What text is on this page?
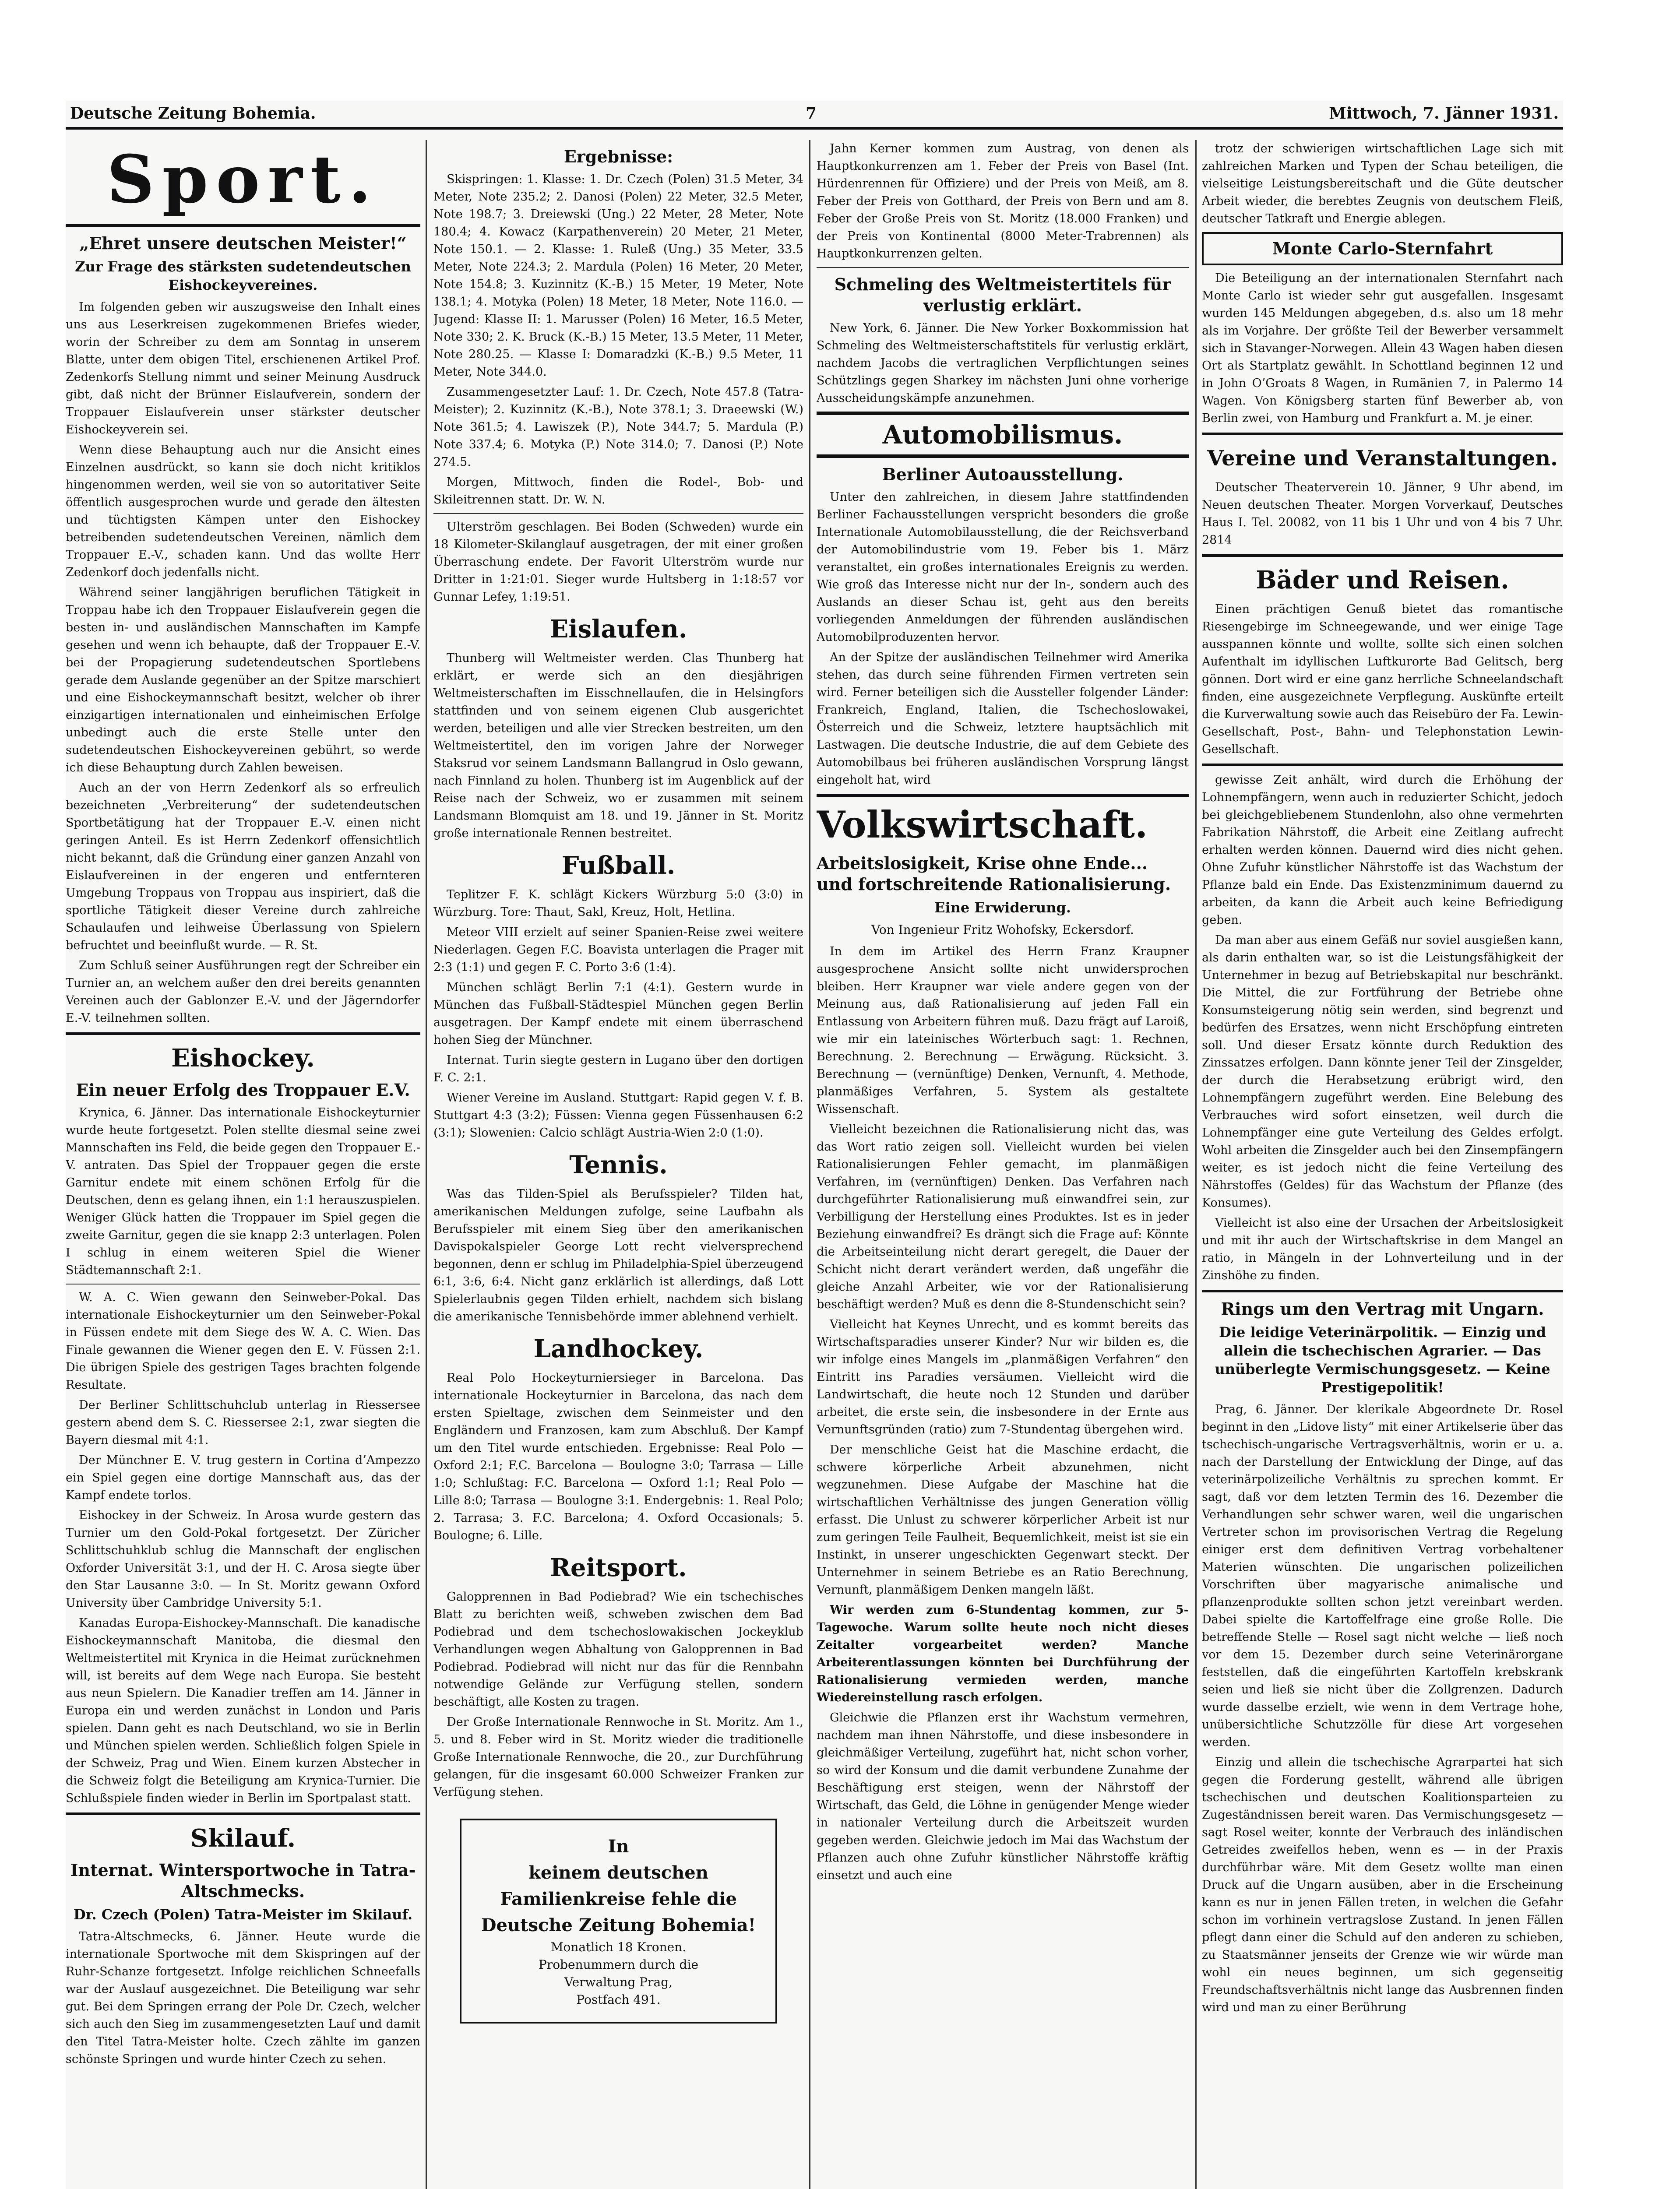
Deutsche Zeitung Bohemia.	7	Mittwoch, 7. Jänner 1931.
Sport.
„Ehret unsere deutschen Meister!“
Zur Frage des stärksten sudetendeutschen Eishockeyvereines.

Im folgenden geben wir auszugsweise den Inhalt eines uns aus Leserkreisen zugekommenen Briefes wieder, worin der Schreiber zu dem am Sonntag in unserem Blatte, unter dem obigen Titel, erschienenen Artikel Prof. Zedenkorfs Stellung nimmt und seiner Meinung Ausdruck gibt, daß nicht der Brünner Eislaufverein, sondern der Troppauer Eislaufverein unser stärkster deutscher Eishockeyverein sei.

Wenn diese Behauptung auch nur die Ansicht eines Einzelnen ausdrückt, so kann sie doch nicht kritiklos hingenommen werden, weil sie von so autoritativer Seite öffentlich ausgesprochen wurde und gerade den ältesten und tüchtigsten Kämpen unter den Eishockey betreibenden sudetendeutschen Vereinen, nämlich dem Troppauer E.-V., schaden kann. Und das wollte Herr Zedenkorf doch jedenfalls nicht.

Während seiner langjährigen beruflichen Tätigkeit in Troppau habe ich den Troppauer Eislaufverein gegen die besten in- und ausländischen Mannschaften im Kampfe gesehen und wenn ich behaupte, daß der Troppauer E.-V. bei der Propagierung sudetendeutschen Sportlebens gerade dem Auslande gegenüber an der Spitze marschiert und eine Eishockeymannschaft besitzt, welcher ob ihrer einzigartigen internationalen und einheimischen Erfolge unbedingt auch die erste Stelle unter den sudetendeutschen Eishockeyvereinen gebührt, so werde ich diese Behauptung durch Zahlen beweisen.

Auch an der von Herrn Zedenkorf als so erfreulich bezeichneten „Verbreiterung“ der sudetendeutschen Sportbetätigung hat der Troppauer E.-V. einen nicht geringen Anteil. Es ist Herrn Zedenkorf offensichtlich nicht bekannt, daß die Gründung einer ganzen Anzahl von Eislaufvereinen in der engeren und entfernteren Umgebung Troppaus von Troppau aus inspiriert, daß die sportliche Tätigkeit dieser Vereine durch zahlreiche Schaulaufen und leihweise Überlassung von Spielern befruchtet und beeinflußt wurde. — R. St.

Zum Schluß seiner Ausführungen regt der Schreiber ein Turnier an, an welchem außer den drei bereits genannten Vereinen auch der Gablonzer E.-V. und der Jägerndorfer E.-V. teilnehmen sollten.

Eishockey.
Ein neuer Erfolg des Troppauer E.V.

Krynica, 6. Jänner. Das internationale Eishockeyturnier wurde heute fortgesetzt. Polen stellte diesmal seine zwei Mannschaften ins Feld, die beide gegen den Troppauer E.-V. antraten. Das Spiel der Troppauer gegen die erste Garnitur endete mit einem schönen Erfolg für die Deutschen, denn es gelang ihnen, ein 1:1 herauszuspielen. Weniger Glück hatten die Troppauer im Spiel gegen die zweite Garnitur, gegen die sie knapp 2:3 unterlagen. Polen I schlug in einem weiteren Spiel die Wiener Städtemannschaft 2:1.

W. A. C. Wien gewann den Seinweber-Pokal. Das internationale Eishockeyturnier um den Seinweber-Pokal in Füssen endete mit dem Siege des W. A. C. Wien. Das Finale gewannen die Wiener gegen den E. V. Füssen 2:1. Die übrigen Spiele des gestrigen Tages brachten folgende Resultate.

Der Berliner Schlittschuhclub unterlag in Riessersee gestern abend dem S. C. Riessersee 2:1, zwar siegten die Bayern diesmal mit 4:1.

Der Münchner E. V. trug gestern in Cortina d’Ampezzo ein Spiel gegen eine dortige Mannschaft aus, das der Kampf endete torlos.

Eishockey in der Schweiz. In Arosa wurde gestern das Turnier um den Gold-Pokal fortgesetzt. Der Züricher Schlittschuhklub schlug die Mannschaft der englischen Oxforder Universität 3:1, und der H. C. Arosa siegte über den Star Lausanne 3:0. — In St. Moritz gewann Oxford University über Cambridge University 5:1.

Kanadas Europa-Eishockey-Mannschaft. Die kanadische Eishockeymannschaft Manitoba, die diesmal den Weltmeistertitel mit Krynica in die Heimat zurücknehmen will, ist bereits auf dem Wege nach Europa. Sie besteht aus neun Spielern. Die Kanadier treffen am 14. Jänner in Europa ein und werden zunächst in London und Paris spielen. Dann geht es nach Deutschland, wo sie in Berlin und München spielen werden. Schließlich folgen Spiele in der Schweiz, Prag und Wien. Einem kurzen Abstecher in die Schweiz folgt die Beteiligung am Krynica-Turnier. Die Schlußspiele finden wieder in Berlin im Sportpalast statt.

Skilauf.
Internat. Wintersportwoche in Tatra-Altschmecks.
Dr. Czech (Polen) Tatra-Meister im Skilauf.

Tatra-Altschmecks, 6. Jänner. Heute wurde die internationale Sportwoche mit dem Skispringen auf der Ruhr-Schanze fortgesetzt. Infolge reichlichen Schneefalls war der Auslauf ausgezeichnet. Die Beteiligung war sehr gut. Bei dem Springen errang der Pole Dr. Czech, welcher sich auch den Sieg im zusammengesetzten Lauf und damit den Titel Tatra-Meister holte. Czech zählte im ganzen schönste Springen und wurde hinter Czech zu sehen.

Ergebnisse:

Skispringen: 1. Klasse: 1. Dr. Czech (Polen) 31.5 Meter, 34 Meter, Note 235.2; 2. Danosi (Polen) 22 Meter, 32.5 Meter, Note 198.7; 3. Dreiewski (Ung.) 22 Meter, 28 Meter, Note 180.4; 4. Kowacz (Karpathenverein) 20 Meter, 21 Meter, Note 150.1. — 2. Klasse: 1. Ruleß (Ung.) 35 Meter, 33.5 Meter, Note 224.3; 2. Mardula (Polen) 16 Meter, 20 Meter, Note 154.8; 3. Kuzinnitz (K.-B.) 15 Meter, 19 Meter, Note 138.1; 4. Motyka (Polen) 18 Meter, 18 Meter, Note 116.0. — Jugend: Klasse II: 1. Marusser (Polen) 16 Meter, 16.5 Meter, Note 330; 2. K. Bruck (K.-B.) 15 Meter, 13.5 Meter, 11 Meter, Note 280.25. — Klasse I: Domaradzki (K.-B.) 9.5 Meter, 11 Meter, Note 344.0.

Zusammengesetzter Lauf: 1. Dr. Czech, Note 457.8 (Tatra-Meister); 2. Kuzinnitz (K.-B.), Note 378.1; 3. Draeewski (W.) Note 361.5; 4. Lawiszek (P.), Note 344.7; 5. Mardula (P.) Note 337.4; 6. Motyka (P.) Note 314.0; 7. Danosi (P.) Note 274.5.

Morgen, Mittwoch, finden die Rodel-, Bob- und Skileitrennen statt. Dr. W. N.

Ulterström geschlagen. Bei Boden (Schweden) wurde ein 18 Kilometer-Skilanglauf ausgetragen, der mit einer großen Überraschung endete. Der Favorit Ulterström wurde nur Dritter in 1:21:01. Sieger wurde Hultsberg in 1:18:57 vor Gunnar Lefey, 1:19:51.

Eislaufen.

Thunberg will Weltmeister werden. Clas Thunberg hat erklärt, er werde sich an den diesjährigen Weltmeisterschaften im Eisschnellaufen, die in Helsingfors stattfinden und von seinem eigenen Club ausgerichtet werden, beteiligen und alle vier Strecken bestreiten, um den Weltmeistertitel, den im vorigen Jahre der Norweger Staksrud vor seinem Landsmann Ballangrud in Oslo gewann, nach Finnland zu holen. Thunberg ist im Augenblick auf der Reise nach der Schweiz, wo er zusammen mit seinem Landsmann Blomquist am 18. und 19. Jänner in St. Moritz große internationale Rennen bestreitet.

Fußball.

Teplitzer F. K. schlägt Kickers Würzburg 5:0 (3:0) in Würzburg. Tore: Thaut, Sakl, Kreuz, Holt, Hetlina.

Meteor VIII erzielt auf seiner Spanien-Reise zwei weitere Niederlagen. Gegen F.C. Boavista unterlagen die Prager mit 2:3 (1:1) und gegen F. C. Porto 3:6 (1:4).

München schlägt Berlin 7:1 (4:1). Gestern wurde in München das Fußball-Städtespiel München gegen Berlin ausgetragen. Der Kampf endete mit einem überraschend hohen Sieg der Münchner.

Internat. Turin siegte gestern in Lugano über den dortigen F. C. 2:1.

Wiener Vereine im Ausland. Stuttgart: Rapid gegen V. f. B. Stuttgart 4:3 (3:2); Füssen: Vienna gegen Füssenhausen 6:2 (3:1); Slowenien: Calcio schlägt Austria-Wien 2:0 (1:0).

Tennis.

Was das Tilden-Spiel als Berufsspieler? Tilden hat, amerikanischen Meldungen zufolge, seine Laufbahn als Berufsspieler mit einem Sieg über den amerikanischen Davispokalspieler George Lott recht vielversprechend begonnen, denn er schlug im Philadelphia-Spiel überzeugend 6:1, 3:6, 6:4. Nicht ganz erklärlich ist allerdings, daß Lott Spielerlaubnis gegen Tilden erhielt, nachdem sich bislang die amerikanische Tennisbehörde immer ablehnend verhielt.

Landhockey.

Real Polo Hockeyturniersieger in Barcelona. Das internationale Hockeyturnier in Barcelona, das nach dem ersten Spieltage, zwischen dem Seinmeister und den Engländern und Franzosen, kam zum Abschluß. Der Kampf um den Titel wurde entschieden. Ergebnisse: Real Polo — Oxford 2:1; F.C. Barcelona — Boulogne 3:0; Tarrasa — Lille 1:0; Schlußtag: F.C. Barcelona — Oxford 1:1; Real Polo — Lille 8:0; Tarrasa — Boulogne 3:1. Endergebnis: 1. Real Polo; 2. Tarrasa; 3. F.C. Barcelona; 4. Oxford Occasionals; 5. Boulogne; 6. Lille.

Reitsport.

Galopprennen in Bad Podiebrad? Wie ein tschechisches Blatt zu berichten weiß, schweben zwischen dem Bad Podiebrad und dem tschechoslowakischen Jockeyklub Verhandlungen wegen Abhaltung von Galopprennen in Bad Podiebrad. Podiebrad will nicht nur das für die Rennbahn notwendige Gelände zur Verfügung stellen, sondern beschäftigt, alle Kosten zu tragen.

Der Große Internationale Rennwoche in St. Moritz. Am 1., 5. und 8. Feber wird in St. Moritz wieder die traditionelle Große Internationale Rennwoche, die 20., zur Durchführung gelangen, für die insgesamt 60.000 Schweizer Franken zur Verfügung stehen.

In
keinem deutschen
Familienkreise fehle die
Deutsche Zeitung Bohemia!
Monatlich 18 Kronen.
Probenummern durch die
Verwaltung Prag,
Postfach 491.

Jahn Kerner kommen zum Austrag, von denen als Hauptkonkurrenzen am 1. Feber der Preis von Basel (Int. Hürdenrennen für Offiziere) und der Preis von Meiß, am 8. Feber der Preis von Gotthard, der Preis von Bern und am 8. Feber der Große Preis von St. Moritz (18.000 Franken) und der Preis von Kontinental (8000 Meter-Trabrennen) als Hauptkonkurrenzen gelten.

Schmeling des Weltmeistertitels für verlustig erklärt.

New York, 6. Jänner. Die New Yorker Boxkommission hat Schmeling des Weltmeisterschaftstitels für verlustig erklärt, nachdem Jacobs die vertraglichen Verpflichtungen seines Schützlings gegen Sharkey im nächsten Juni ohne vorherige Ausscheidungskämpfe anzunehmen.

Automobilismus.
Berliner Autoausstellung.

Unter den zahlreichen, in diesem Jahre stattfindenden Berliner Fachausstellungen verspricht besonders die große Internationale Automobilausstellung, die der Reichsverband der Automobilindustrie vom 19. Feber bis 1. März veranstaltet, ein großes internationales Ereignis zu werden. Wie groß das Interesse nicht nur der In-, sondern auch des Auslands an dieser Schau ist, geht aus den bereits vorliegenden Anmeldungen der führenden ausländischen Automobilproduzenten hervor.

An der Spitze der ausländischen Teilnehmer wird Amerika stehen, das durch seine führenden Firmen vertreten sein wird. Ferner beteiligen sich die Aussteller folgender Länder: Frankreich, England, Italien, die Tschechoslowakei, Österreich und die Schweiz, letztere hauptsächlich mit Lastwagen. Die deutsche Industrie, die auf dem Gebiete des Automobilbaus bei früheren ausländischen Vorsprung längst eingeholt hat, wird

Volkswirtschaft.
Arbeitslosigkeit, Krise ohne Ende... und fortschreitende Rationalisierung.
Eine Erwiderung.
Von Ingenieur Fritz Wohofsky, Eckersdorf.

In dem im Artikel des Herrn Franz Kraupner ausgesprochene Ansicht sollte nicht unwidersprochen bleiben. Herr Kraupner war viele andere gegen von der Meinung aus, daß Rationalisierung auf jeden Fall ein Entlassung von Arbeitern führen muß. Dazu frägt auf Laroiß, wie mir ein lateinisches Wörterbuch sagt: 1. Rechnen, Berechnung. 2. Berechnung — Erwägung. Rücksicht. 3. Berechnung — (vernünftige) Denken, Vernunft, 4. Methode, planmäßiges Verfahren, 5. System als gestaltete Wissenschaft.

Vielleicht bezeichnen die Rationalisierung nicht das, was das Wort ratio zeigen soll. Vielleicht wurden bei vielen Rationalisierungen Fehler gemacht, im planmäßigen Verfahren, im (vernünftigen) Denken. Das Verfahren nach durchgeführter Rationalisierung muß einwandfrei sein, zur Verbilligung der Herstellung eines Produktes. Ist es in jeder Beziehung einwandfrei? Es drängt sich die Frage auf: Könnte die Arbeitseinteilung nicht derart geregelt, die Dauer der Schicht nicht derart verändert werden, daß ungefähr die gleiche Anzahl Arbeiter, wie vor der Rationalisierung beschäftigt werden? Muß es denn die 8-Stundenschicht sein?

Vielleicht hat Keynes Unrecht, und es kommt bereits das Wirtschaftsparadies unserer Kinder? Nur wir bilden es, die wir infolge eines Mangels im „planmäßigen Verfahren“ den Eintritt ins Paradies versäumen. Vielleicht wird die Landwirtschaft, die heute noch 12 Stunden und darüber arbeitet, die erste sein, die insbesondere in der Ernte aus Vernunftsgründen (ratio) zum 7-Stundentag übergehen wird.

Der menschliche Geist hat die Maschine erdacht, die schwere körperliche Arbeit abzunehmen, nicht wegzunehmen. Diese Aufgabe der Maschine hat die wirtschaftlichen Verhältnisse des jungen Generation völlig erfasst. Die Unlust zu schwerer körperlicher Arbeit ist nur zum geringen Teile Faulheit, Bequemlichkeit, meist ist sie ein Instinkt, in unserer ungeschickten Gegenwart steckt. Der Unternehmer in seinem Betriebe es an Ratio Berechnung, Vernunft, planmäßigem Denken mangeln läßt.

Wir werden zum 6-Stundentag kommen, zur 5-Tagewoche. Warum sollte heute noch nicht dieses Zeitalter vorgearbeitet werden? Manche Arbeiterentlassungen könnten bei Durchführung der Rationalisierung vermieden werden, manche Wiedereinstellung rasch erfolgen.

Gleichwie die Pflanzen erst ihr Wachstum vermehren, nachdem man ihnen Nährstoffe, und diese insbesondere in gleichmäßiger Verteilung, zugeführt hat, nicht schon vorher, so wird der Konsum und die damit verbundene Zunahme der Beschäftigung erst steigen, wenn der Nährstoff der Wirtschaft, das Geld, die Löhne in genügender Menge wieder in nationaler Verteilung durch die Arbeitszeit wurden gegeben werden. Gleichwie jedoch im Mai das Wachstum der Pflanzen auch ohne Zufuhr künstlicher Nährstoffe kräftig einsetzt und auch eine

trotz der schwierigen wirtschaftlichen Lage sich mit zahlreichen Marken und Typen der Schau beteiligen, die vielseitige Leistungsbereitschaft und die Güte deutscher Arbeit wieder, die berebtes Zeugnis von deutschem Fleiß, deutscher Tatkraft und Energie ablegen.

Monte Carlo-Sternfahrt

Die Beteiligung an der internationalen Sternfahrt nach Monte Carlo ist wieder sehr gut ausgefallen. Insgesamt wurden 145 Meldungen abgegeben, d.s. also um 18 mehr als im Vorjahre. Der größte Teil der Bewerber versammelt sich in Stavanger-Norwegen. Allein 43 Wagen haben diesen Ort als Startplatz gewählt. In Schottland beginnen 12 und in John O’Groats 8 Wagen, in Rumänien 7, in Palermo 14 Wagen. Von Königsberg starten fünf Bewerber ab, von Berlin zwei, von Hamburg und Frankfurt a. M. je einer.

Vereine und Veranstaltungen.

Deutscher Theaterverein 10. Jänner, 9 Uhr abend, im Neuen deutschen Theater. Morgen Vorverkauf, Deutsches Haus I. Tel. 20082, von 11 bis 1 Uhr und von 4 bis 7 Uhr. 2814

Bäder und Reisen.

Einen prächtigen Genuß bietet das romantische Riesengebirge im Schneegewande, und wer einige Tage ausspannen könnte und wollte, sollte sich einen solchen Aufenthalt im idyllischen Luftkurorte Bad Gelitsch, berg gönnen. Dort wird er eine ganz herrliche Schneelandschaft finden, eine ausgezeichnete Verpflegung. Auskünfte erteilt die Kurverwaltung sowie auch das Reisebüro der Fa. Lewin-Gesellschaft, Post-, Bahn- und Telephonstation Lewin-Gesellschaft.

gewisse Zeit anhält, wird durch die Erhöhung der Lohnempfängern, wenn auch in reduzierter Schicht, jedoch bei gleichgebliebenem Stundenlohn, also ohne vermehrten Fabrikation Nährstoff, die Arbeit eine Zeitlang aufrecht erhalten werden können. Dauernd wird dies nicht gehen. Ohne Zufuhr künstlicher Nährstoffe ist das Wachstum der Pflanze bald ein Ende. Das Existenzminimum dauernd zu arbeiten, da kann die Arbeit auch keine Befriedigung geben.

Da man aber aus einem Gefäß nur soviel ausgießen kann, als darin enthalten war, so ist die Leistungsfähigkeit der Unternehmer in bezug auf Betriebskapital nur beschränkt. Die Mittel, die zur Fortführung der Betriebe ohne Konsumsteigerung nötig sein werden, sind begrenzt und bedürfen des Ersatzes, wenn nicht Erschöpfung eintreten soll. Und dieser Ersatz könnte durch Reduktion des Zinssatzes erfolgen. Dann könnte jener Teil der Zinsgelder, der durch die Herabsetzung erübrigt wird, den Lohnempfängern zugeführt werden. Eine Belebung des Verbrauches wird sofort einsetzen, weil durch die Lohnempfänger eine gute Verteilung des Geldes erfolgt. Wohl arbeiten die Zinsgelder auch bei den Zinsempfängern weiter, es ist jedoch nicht die feine Verteilung des Nährstoffes (Geldes) für das Wachstum der Pflanze (des Konsumes).

Vielleicht ist also eine der Ursachen der Arbeitslosigkeit und mit ihr auch der Wirtschaftskrise in dem Mangel an ratio, in Mängeln in der Lohnverteilung und in der Zinshöhe zu finden.

Rings um den Vertrag mit Ungarn.
Die leidige Veterinärpolitik. — Einzig und allein die tschechischen Agrarier. — Das unüberlegte Vermischungsgesetz. — Keine Prestigepolitik!

Prag, 6. Jänner. Der klerikale Abgeordnete Dr. Rosel beginnt in den „Lidove listy“ mit einer Artikelserie über das tschechisch-ungarische Vertragsverhältnis, worin er u. a. nach der Darstellung der Entwicklung der Dinge, auf das veterinärpolizeiliche Verhältnis zu sprechen kommt. Er sagt, daß vor dem letzten Termin des 16. Dezember die Verhandlungen sehr schwer waren, weil die ungarischen Vertreter schon im provisorischen Vertrag die Regelung einiger erst dem definitiven Vertrag vorbehaltener Materien wünschten. Die ungarischen polizeilichen Vorschriften über magyarische animalische und pflanzenprodukte sollten schon jetzt vereinbart werden. Dabei spielte die Kartoffelfrage eine große Rolle. Die betreffende Stelle — Rosel sagt nicht welche — ließ noch vor dem 15. Dezember durch seine Veterinärorgane feststellen, daß die eingeführten Kartoffeln krebskrank seien und ließ sie nicht über die Zollgrenzen. Dadurch wurde dasselbe erzielt, wie wenn in dem Vertrage hohe, unübersichtliche Schutzzölle für diese Art vorgesehen werden.

Einzig und allein die tschechische Agrarpartei hat sich gegen die Forderung gestellt, während alle übrigen tschechischen und deutschen Koalitionsparteien zu Zugeständnissen bereit waren. Das Vermischungsgesetz — sagt Rosel weiter, konnte der Verbrauch des inländischen Getreides zweifellos heben, wenn es — in der Praxis durchführbar wäre. Mit dem Gesetz wollte man einen Druck auf die Ungarn ausüben, aber in die Erscheinung kann es nur in jenen Fällen treten, in welchen die Gefahr schon im vorhinein vertragslose Zustand. In jenen Fällen pflegt dann einer die Schuld auf den anderen zu schieben, zu Staatsmänner jenseits der Grenze wie wir würde man wohl ein neues beginnen, um sich gegenseitig Freundschaftsverhältnis nicht lange das Ausbrennen finden wird und man zu einer Berührung
